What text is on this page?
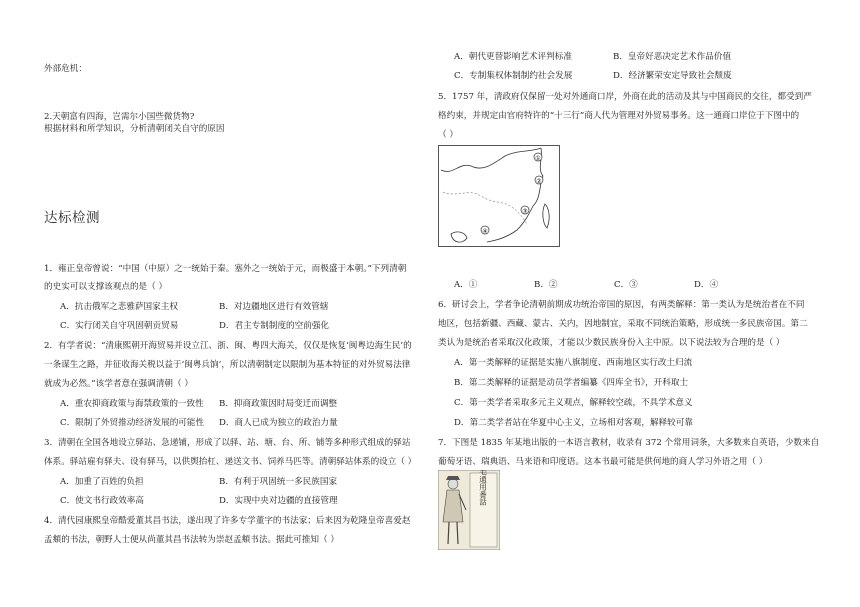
外部危机：
2.天朝富有四海，岂需尔小国些微货物?
根据材料和所学知识，分析清朝闭关自守的原因
达标检测
1．雍正皇帝曾说：“中国（中原）之一统始于秦。塞外之一统始于元，而极盛于本朝。”下列清朝
的史实可以支撑该观点的是（ ）
A．抗击俄军之悲雅萨国家主权	B．对边疆地区进行有效管辖
C．实行闭关自守巩固朝贡贸易	D．君主专制制度的空前强化
2．有学者说：“清康熙朝开海贸易并设立江、浙、闽、粤四大海关，仅仅是恢复‘闽粤边海生民’的
一条谋生之路，并征收海关税以益于‘闽粤兵饷’，所以清朝制定以限制为基本特征的对外贸易法律
就成为必然。”该学者意在强调清朝（ ）
A．重农抑商政策与海禁政策的一致性 B．抑商政策因时局变迁而调整
C．限制了外贸推动经济发展的可能性 D．商人已成为独立的政治力量
3．清朝在全国各地设立驿站、急递铺，形成了以驿、站、塘、台、所、铺等多种形式组成的驿站
体系。驿站雇有驿夫、设有驿马，以供舆抬杠、递送文书、饲养马匹等。清朝驿站体系的设立（ ）
A．加重了百姓的负担	B．有利于巩固统一多民族国家
C．使文书行政效率高	D．实现中央对边疆的直接管理
4．清代园康熙皇帝酷爱董其昌书法，遂出现了许多专学董字的书法家；后来因为乾隆皇帝喜爱赵
孟頫的书法，朝野人士便从尚董其昌书法转为崇赵孟頫书法。据此可推知（ ）
A．朝代更替影响艺术评判标准	B．皇帝好恶决定艺术作品价值
C．专制集权体制制约社会发展	D．经济繁荣安定导致社会颓废
5．1757 年，清政府仅保留一处对外通商口岸，外商在此的活动及其与中国商民的交往，都受到严
格约束，并规定由官府特许的“十三行”商人代为管理对外贸易事务。这一通商口岸位于下图中的
（ ）
①
②
③
④
A．①	B．②	C．③	D．④
6．研讨会上，学者争论清朝前期成功统治帝国的原因，有两类解释：第一类认为是统治者在不同
地区，包括新疆、西藏、蒙古、关内，因地制宜，采取不同统治策略，形成统一多民族帝国。第二
类认为是统治者采取汉化政策，才能以少数民族身份入主中原。以下说法较为合理的是（ ）
A．第一类解释的证据是实施八旗制度、西南地区实行改土归流
B．第二类解释的证据是动员学者编纂《四库全书》，开科取士
C．第一类学者采取多元主义观点，解释较空疏，不具学术意义
D．第二类学者站在华夏中心主义，立场相对客观，解释较可靠
7．下图是 1835 年某地出版的一本语言教材，收录有 372 个常用词条，大多数来自英语，少数来自
葡萄牙语、瑞典语、马来语和印度语。这本书最可能是供何地的商人学习外语之用（ ）
紅毛通用番話
